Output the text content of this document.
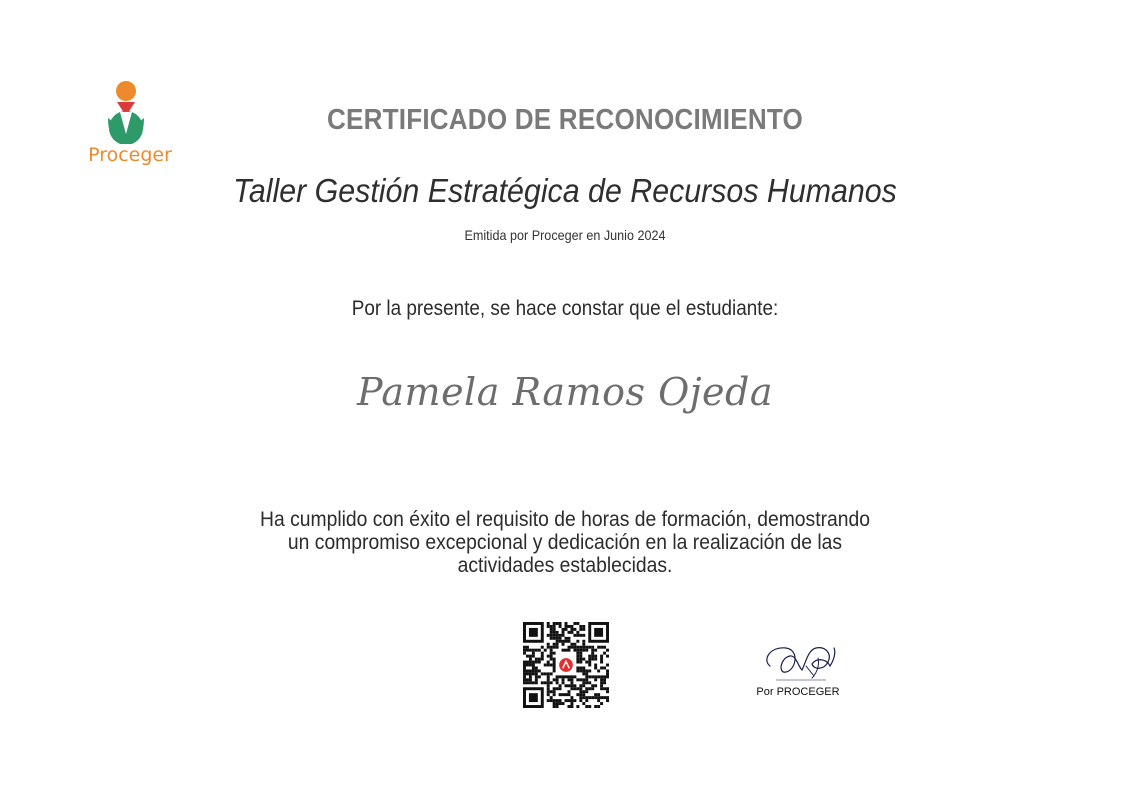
Proceger
CERTIFICADO DE RECONOCIMIENTO
Taller Gestión Estratégica de Recursos Humanos
Emitida por Proceger en Junio 2024
Por la presente, se hace constar que el estudiante:
Pamela Ramos Ojeda
Ha cumplido con éxito el requisito de horas de formación, demostrando un compromiso excepcional y dedicación en la realización de las actividades establecidas.
Por PROCEGER
